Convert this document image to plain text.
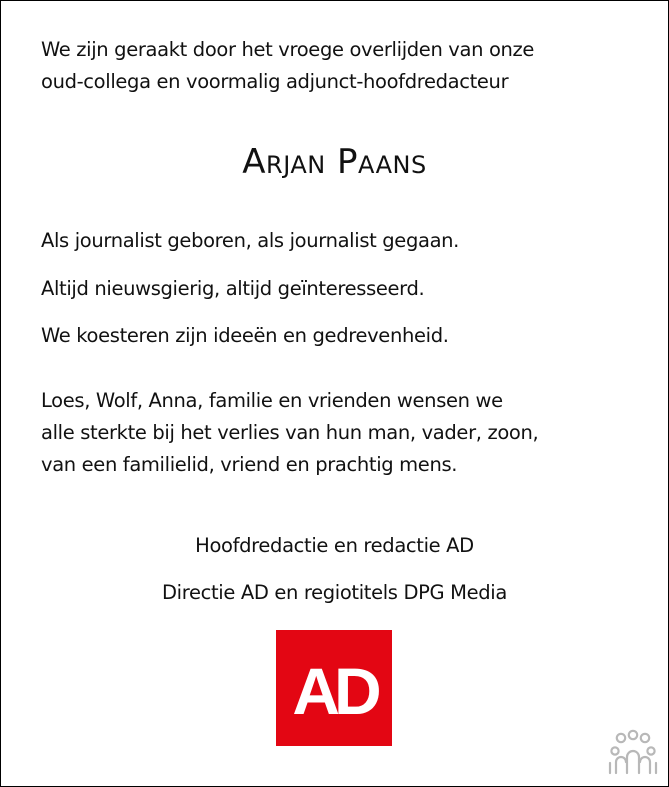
We zijn geraakt door het vroege overlijden van onze

oud-collega en voormalig adjunct-hoofdredacteur

Arjan Paans

Als journalist geboren, als journalist gegaan.

Altijd nieuwsgierig, altijd geïnteresseerd.

We koesteren zijn ideeën en gedrevenheid.

Loes, Wolf, Anna, familie en vrienden wensen we

alle sterkte bij het verlies van hun man, vader, zoon,

van een familielid, vriend en prachtig mens.

Hoofdredactie en redactie AD

Directie AD en regiotitels DPG Media

AD
